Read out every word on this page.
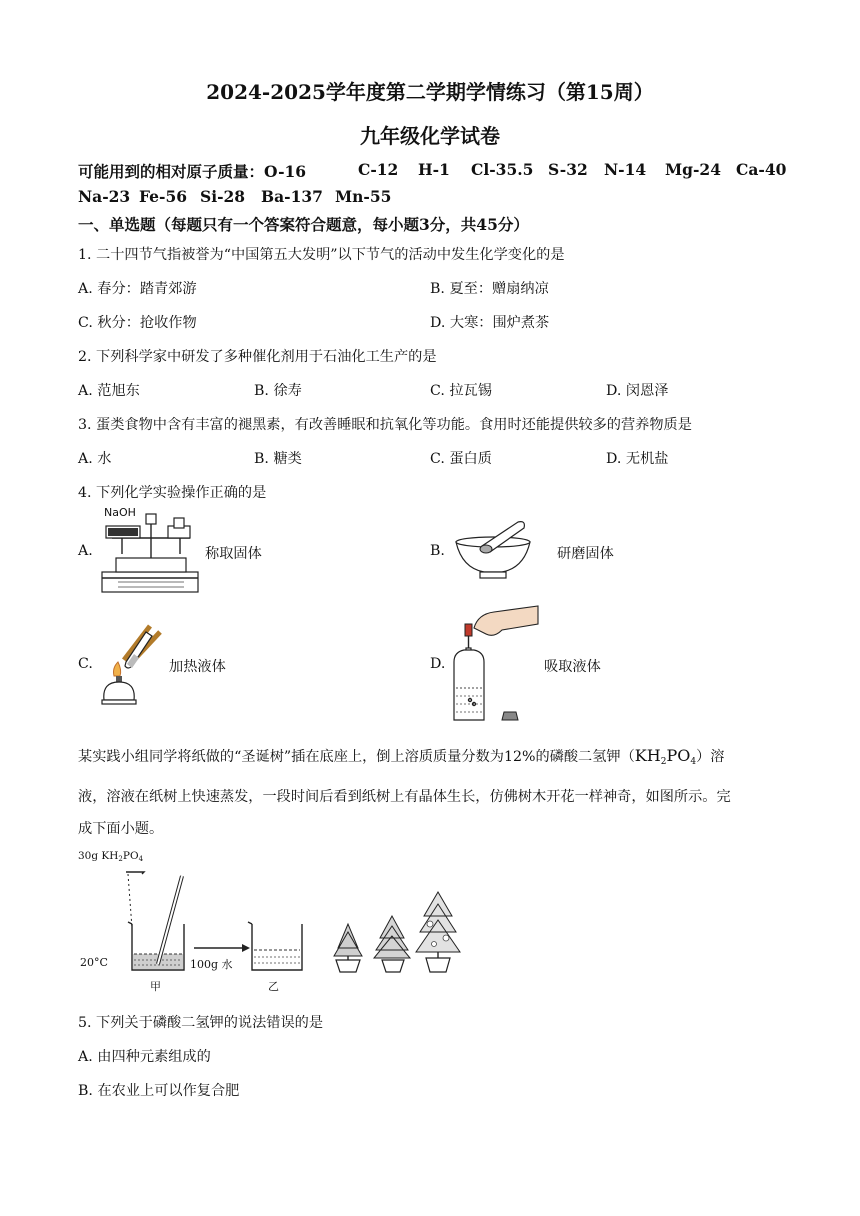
2024-2025学年度第二学期学情练习（第15周）
九年级化学试卷
可能用到的相对原子质量：O-16	C-12 H-1 Cl-35.5 S-32 N-14 Mg-24 Ca-40
Na-23 Fe-56 Si-28 Ba-137 Mn-55
一、单选题（每题只有一个答案符合题意，每小题3分，共45分）
1. 二十四节气指被誉为“中国第五大发明”以下节气的活动中发生化学变化的是
A. 春分：踏青郊游	B. 夏至：赠扇纳凉
C. 秋分：抢收作物	D. 大寒：围炉煮茶
2. 下列科学家中研发了多种催化剂用于石油化工生产的是
A. 范旭东	B. 徐寿	C. 拉瓦锡	D. 闵恩泽
3. 蛋类食物中含有丰富的褪黑素，有改善睡眠和抗氧化等功能。食用时还能提供较多的营养物质是
A. 水	B. 糖类	C. 蛋白质	D. 无机盐
4. 下列化学实验操作正确的是
A.
NaOH
称取固体	B.	研磨固体
C.	加热液体	D.	吸取液体
某实践小组同学将纸做的“圣诞树”插在底座上，倒上溶质质量分数为12%的磷酸二氢钾$(KH_2PO_4)$溶
液，溶液在纸树上快速蒸发，一段时间后看到纸树上有晶体生长，仿佛树木开花一样神奇，如图所示。完
成下面小题。
30g $KH_2PO_4$
20°C	100g 水
甲	乙
5. 下列关于磷酸二氢钾的说法错误的是
A. 由四种元素组成的
B. 在农业上可以作复合肥
